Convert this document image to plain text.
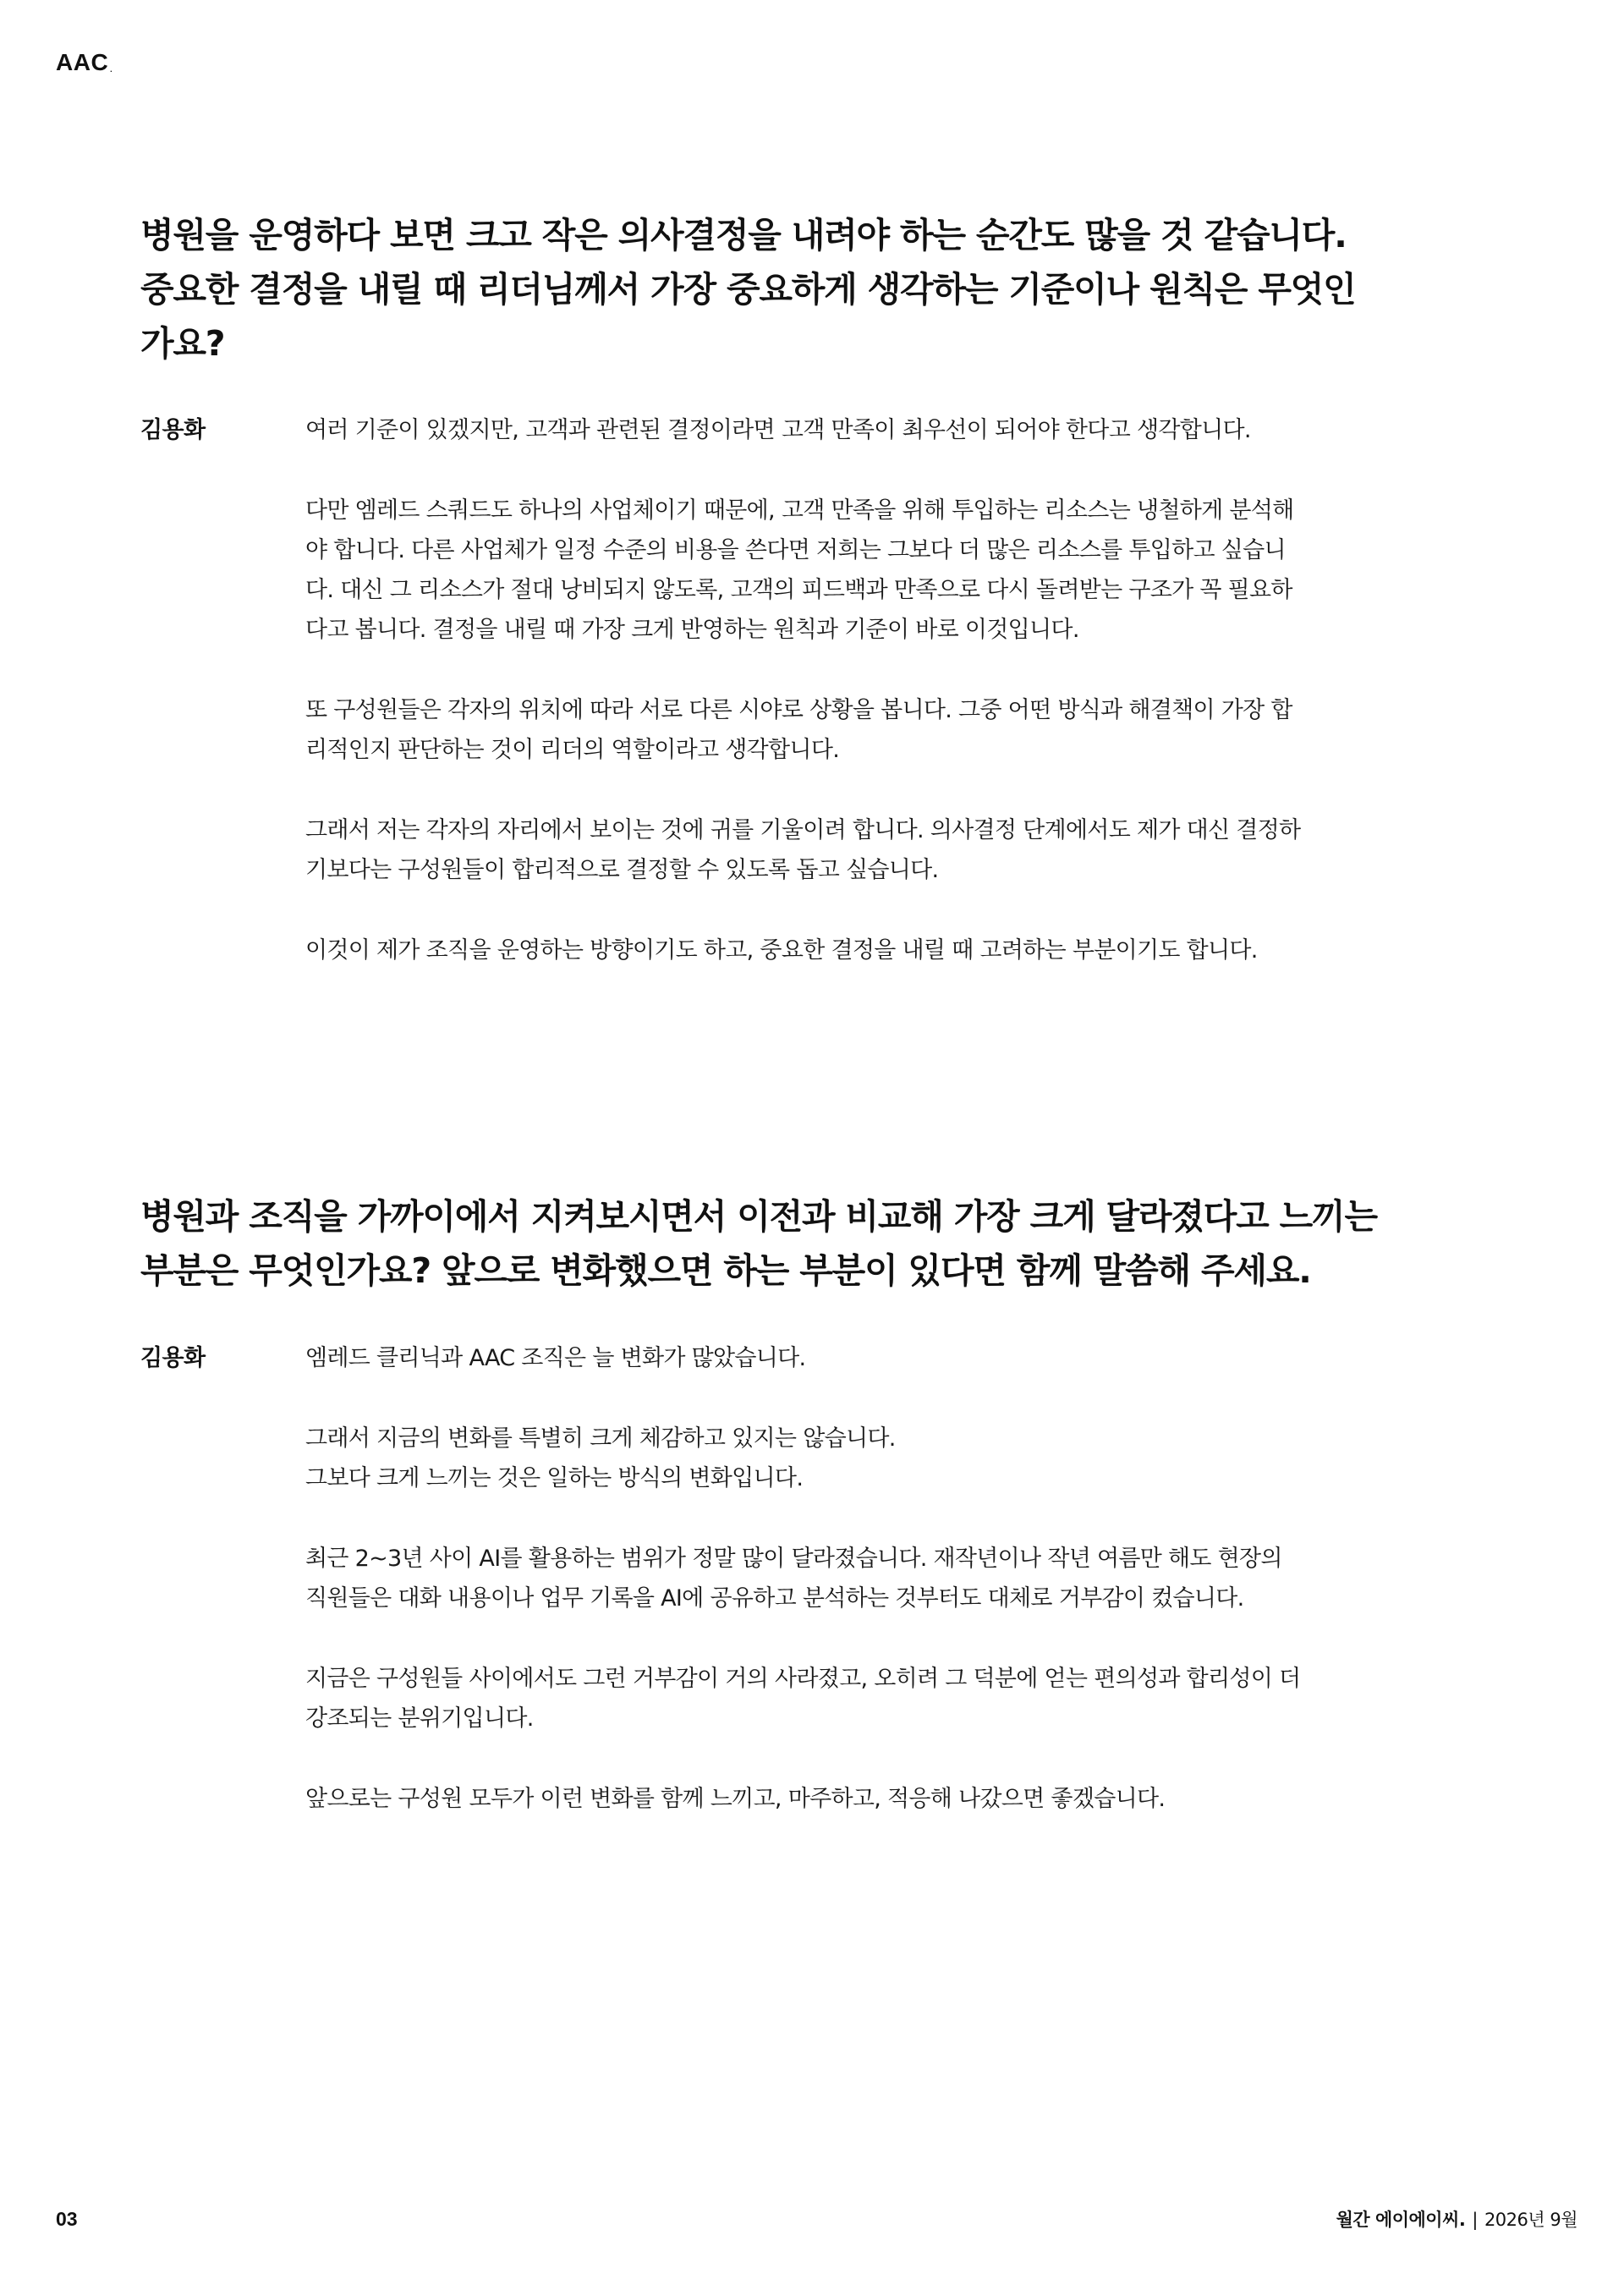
AAC .
병원을 운영하다 보면 크고 작은 의사결정을 내려야 하는 순간도 많을 것 같습니다.
중요한 결정을 내릴 때 리더님께서 가장 중요하게 생각하는 기준이나 원칙은 무엇인
가요?
김용화	여러 기준이 있겠지만, 고객과 관련된 결정이라면 고객 만족이 최우선이 되어야 한다고 생각합니다.

다만 엠레드 스쿼드도 하나의 사업체이기 때문에, 고객 만족을 위해 투입하는 리소스는 냉철하게 분석해
야 합니다. 다른 사업체가 일정 수준의 비용을 쓴다면 저희는 그보다 더 많은 리소스를 투입하고 싶습니
다. 대신 그 리소스가 절대 낭비되지 않도록, 고객의 피드백과 만족으로 다시 돌려받는 구조가 꼭 필요하
다고 봅니다. 결정을 내릴 때 가장 크게 반영하는 원칙과 기준이 바로 이것입니다.

또 구성원들은 각자의 위치에 따라 서로 다른 시야로 상황을 봅니다. 그중 어떤 방식과 해결책이 가장 합
리적인지 판단하는 것이 리더의 역할이라고 생각합니다.

그래서 저는 각자의 자리에서 보이는 것에 귀를 기울이려 합니다. 의사결정 단계에서도 제가 대신 결정하
기보다는 구성원들이 합리적으로 결정할 수 있도록 돕고 싶습니다.

이것이 제가 조직을 운영하는 방향이기도 하고, 중요한 결정을 내릴 때 고려하는 부분이기도 합니다.

병원과 조직을 가까이에서 지켜보시면서 이전과 비교해 가장 크게 달라졌다고 느끼는
부분은 무엇인가요? 앞으로 변화했으면 하는 부분이 있다면 함께 말씀해 주세요.
김용화	엠레드 클리닉과 AAC 조직은 늘 변화가 많았습니다.

그래서 지금의 변화를 특별히 크게 체감하고 있지는 않습니다.
그보다 크게 느끼는 것은 일하는 방식의 변화입니다.

최근 2~3년 사이 AI를 활용하는 범위가 정말 많이 달라졌습니다. 재작년이나 작년 여름만 해도 현장의
직원들은 대화 내용이나 업무 기록을 AI에 공유하고 분석하는 것부터도 대체로 거부감이 컸습니다.

지금은 구성원들 사이에서도 그런 거부감이 거의 사라졌고, 오히려 그 덕분에 얻는 편의성과 합리성이 더
강조되는 분위기입니다.

앞으로는 구성원 모두가 이런 변화를 함께 느끼고, 마주하고, 적응해 나갔으면 좋겠습니다.

03	월간 에이에이씨. | 2026년 9월
